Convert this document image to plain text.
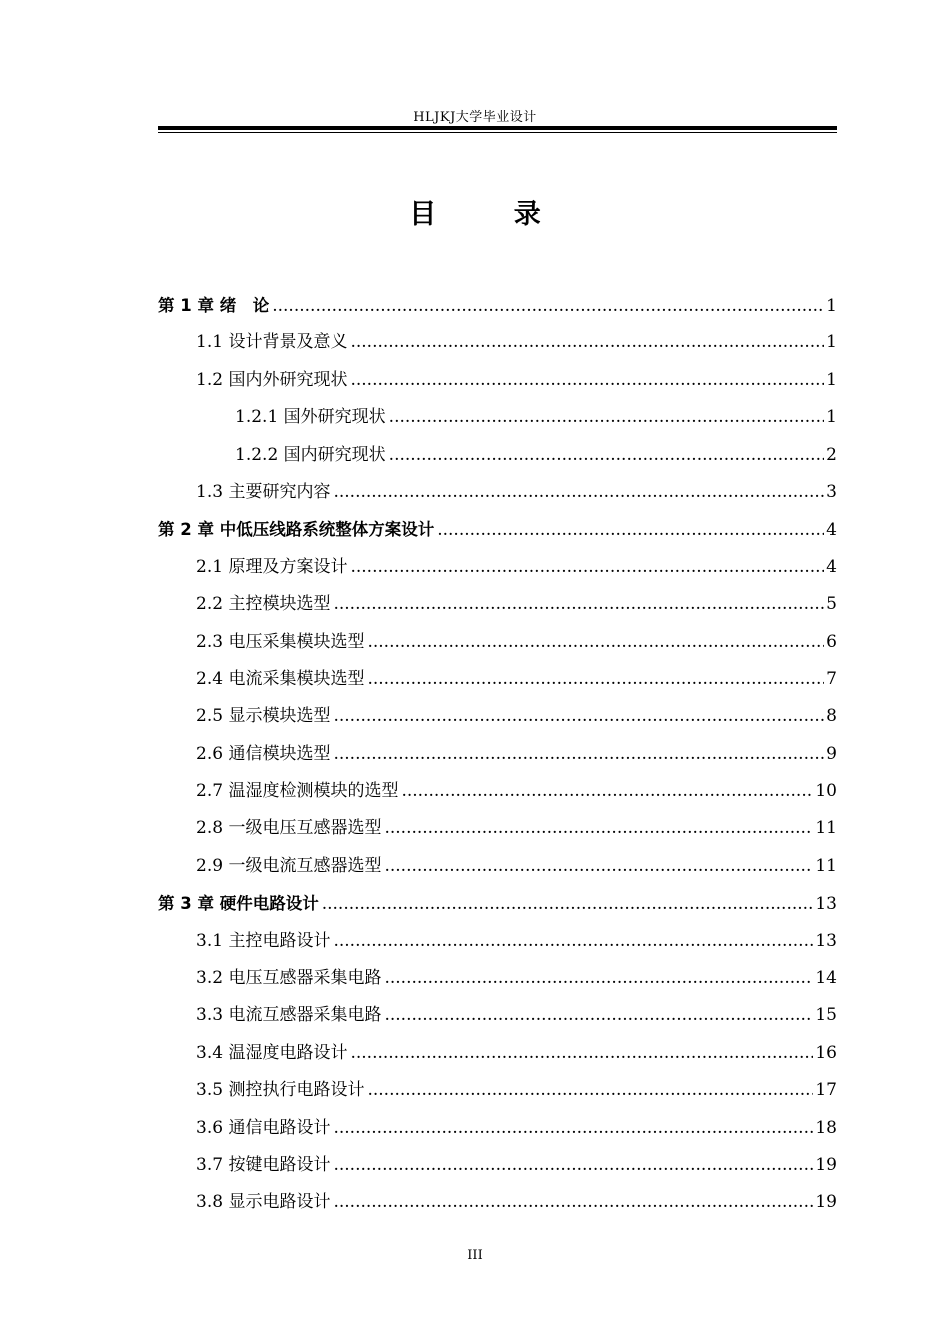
HLJKJ大学毕业设计
目 录
第 1 章 绪　论 .....	1
1.1 设计背景及意义 .....	1
1.2 国内外研究现状 .....	1
1.2.1 国外研究现状 .....	1
1.2.2 国内研究现状 .....	2
1.3 主要研究内容 .....	3
第 2 章 中低压线路系统整体方案设计 .....	4
2.1 原理及方案设计 .....	4
2.2 主控模块选型 .....	5
2.3 电压采集模块选型 .....	6
2.4 电流采集模块选型 .....	7
2.5 显示模块选型 .....	8
2.6 通信模块选型 .....	9
2.7 温湿度检测模块的选型 .....	10
2.8 一级电压互感器选型 .....	11
2.9 一级电流互感器选型 .....	11
第 3 章 硬件电路设计 .....	13
3.1 主控电路设计 .....	13
3.2 电压互感器采集电路 .....	14
3.3 电流互感器采集电路 .....	15
3.4 温湿度电路设计 .....	16
3.5 测控执行电路设计 .....	17
3.6 通信电路设计 .....	18
3.7 按键电路设计 .....	19
3.8 显示电路设计 .....	19
III
